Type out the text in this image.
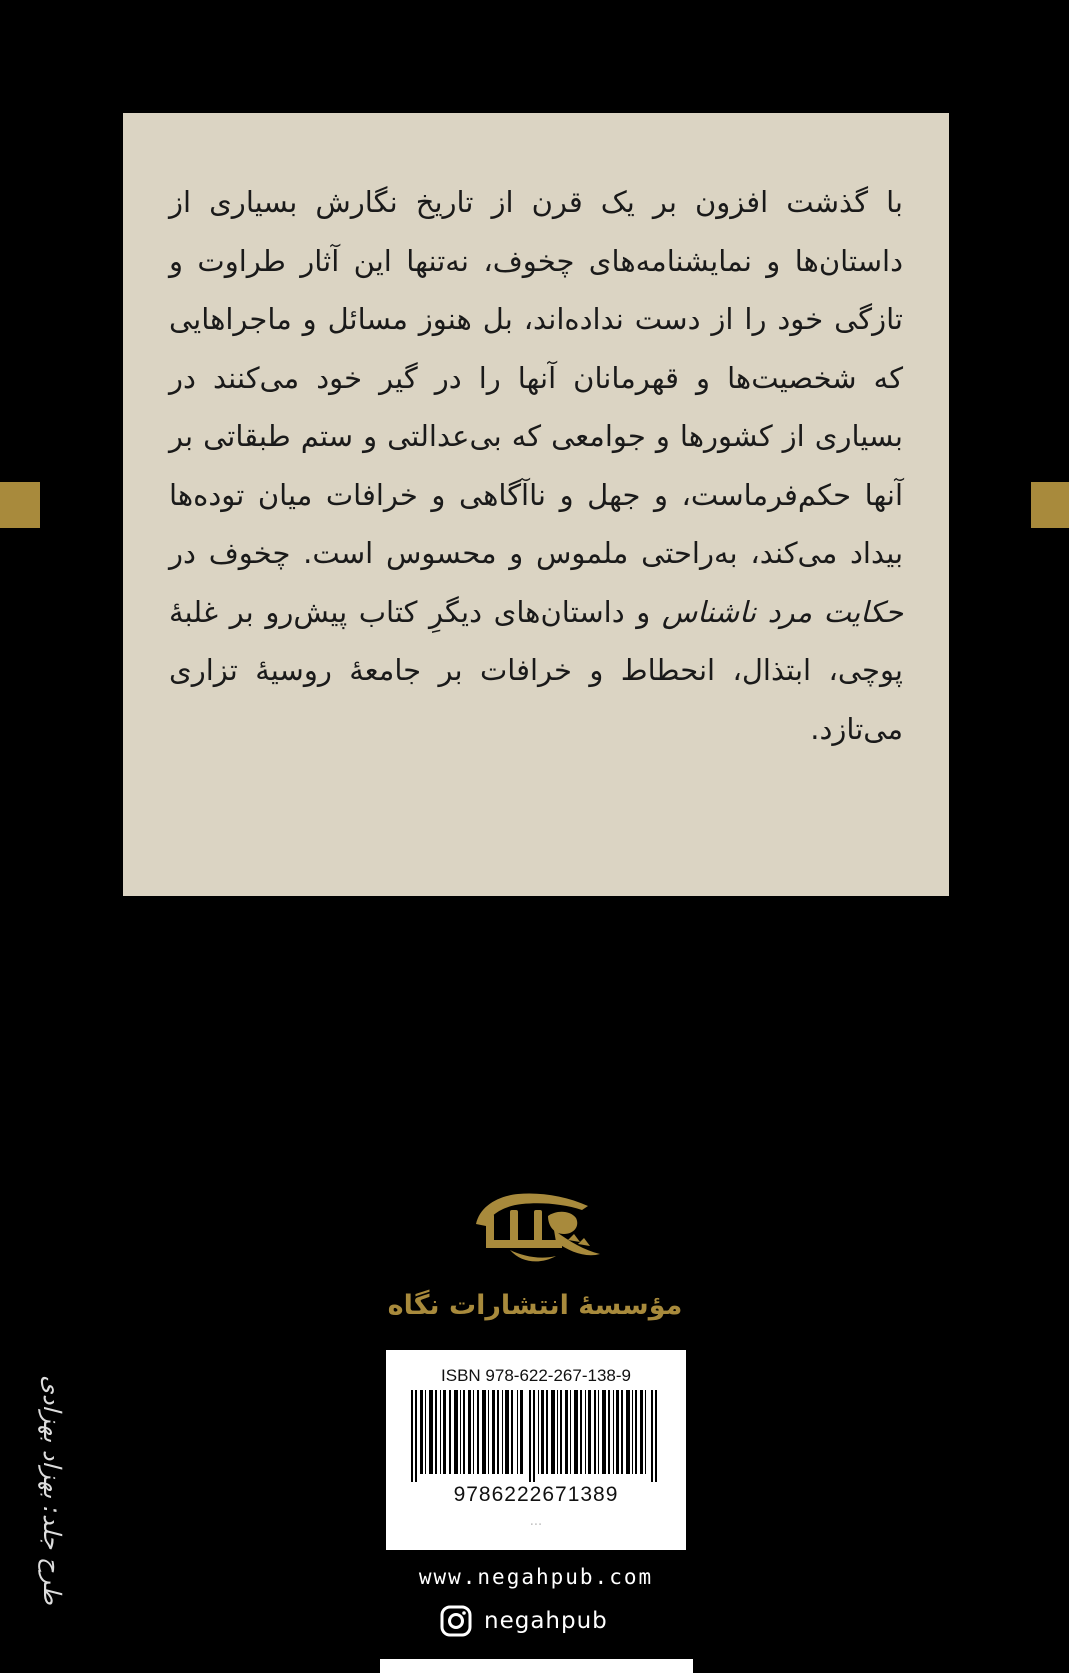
با گذشت افزون بر یک قرن از تاریخ نگارش بسیاری از داستان‌ها و نمایشنامه‌های چخوف، نه‌تنها این آثار طراوت و تازگی خود را از دست نداده‌اند، بل هنوز مسائل و ماجراهایی که شخصیت‌ها و قهرمانان آنها را در گیر خود می‌کنند در بسیاری از کشورها و جوامعی که بی‌عدالتی و ستم طبقاتی بر آنها حکم‌فرماست، و جهل و ناآگاهی و خرافات میان توده‌ها بیداد می‌کند، به‌راحتی ملموس و محسوس است. چخوف در حکایت مرد ناشناس و داستان‌های دیگرِ کتاب پیش‌رو بر غلبهٔ پوچی، ابتذال، انحطاط و خرافات بر جامعهٔ روسیهٔ تزاری می‌تازد.
مؤسسهٔ انتشارات نگاه
ISBN 978-622-267-138-9
9786222671389
...
www.negahpub.com
negahpub
طرح جلد: بهزاد بهزادی
